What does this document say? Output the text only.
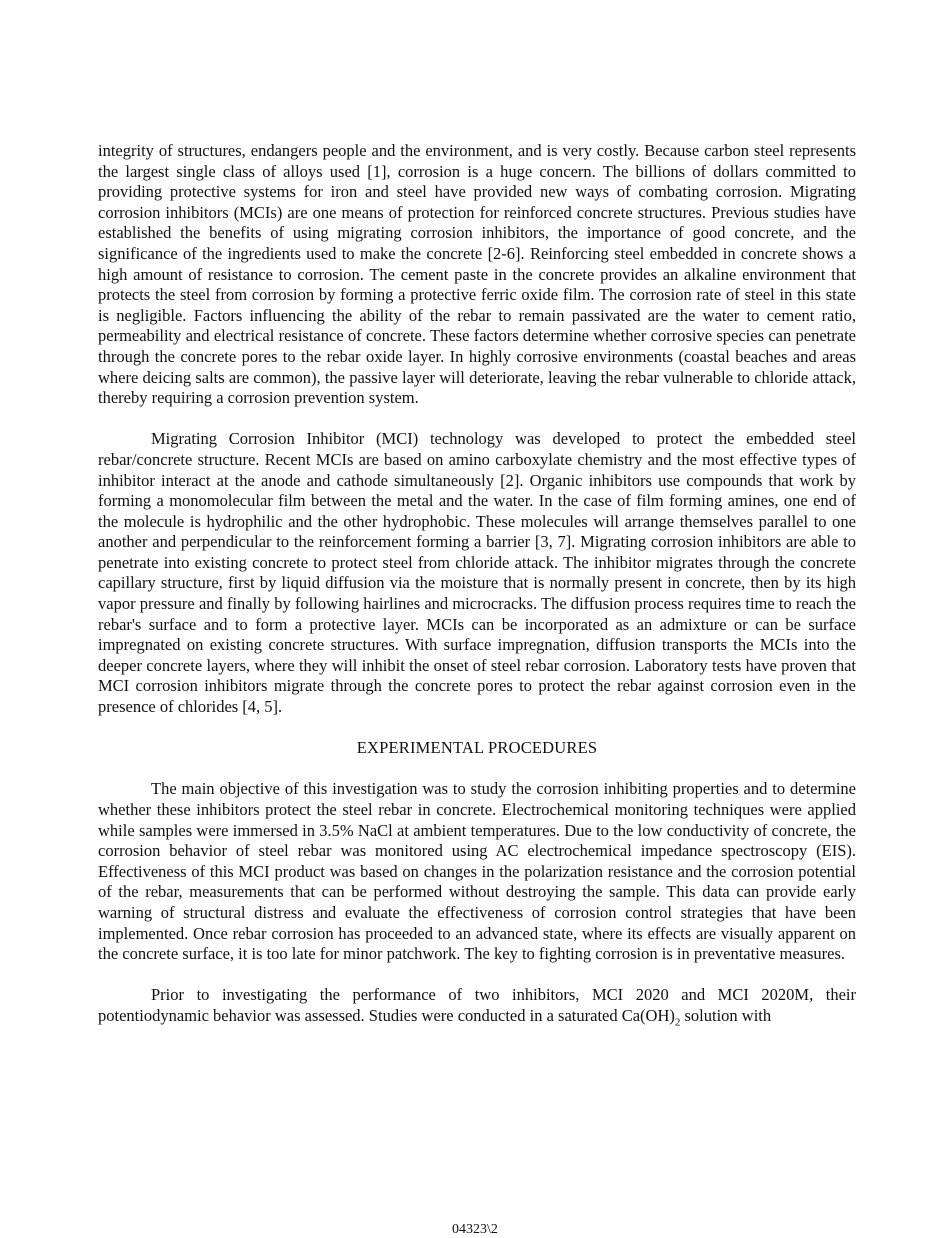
integrity of structures, endangers people and the environment, and is very costly. Because carbon steel represents the largest single class of alloys used [1], corrosion is a huge concern. The billions of dollars committed to providing protective systems for iron and steel have provided new ways of combating corrosion. Migrating corrosion inhibitors (MCIs) are one means of protection for reinforced concrete structures. Previous studies have established the benefits of using migrating corrosion inhibitors, the importance of good concrete, and the significance of the ingredients used to make the concrete [2-6]. Reinforcing steel embedded in concrete shows a high amount of resistance to corrosion. The cement paste in the concrete provides an alkaline environment that protects the steel from corrosion by forming a protective ferric oxide film. The corrosion rate of steel in this state is negligible. Factors influencing the ability of the rebar to remain passivated are the water to cement ratio, permeability and electrical resistance of concrete. These factors determine whether corrosive species can penetrate through the concrete pores to the rebar oxide layer. In highly corrosive environments (coastal beaches and areas where deicing salts are common), the passive layer will deteriorate, leaving the rebar vulnerable to chloride attack, thereby requiring a corrosion prevention system.

Migrating Corrosion Inhibitor (MCI) technology was developed to protect the embedded steel rebar/concrete structure. Recent MCIs are based on amino carboxylate chemistry and the most effective types of inhibitor interact at the anode and cathode simultaneously [2]. Organic inhibitors use compounds that work by forming a monomolecular film between the metal and the water. In the case of film forming amines, one end of the molecule is hydrophilic and the other hydrophobic. These molecules will arrange themselves parallel to one another and perpendicular to the reinforcement forming a barrier [3, 7]. Migrating corrosion inhibitors are able to penetrate into existing concrete to protect steel from chloride attack. The inhibitor migrates through the concrete capillary structure, first by liquid diffusion via the moisture that is normally present in concrete, then by its high vapor pressure and finally by following hairlines and microcracks. The diffusion process requires time to reach the rebar's surface and to form a protective layer. MCIs can be incorporated as an admixture or can be surface impregnated on existing concrete structures. With surface impregnation, diffusion transports the MCIs into the deeper concrete layers, where they will inhibit the onset of steel rebar corrosion. Laboratory tests have proven that MCI corrosion inhibitors migrate through the concrete pores to protect the rebar against corrosion even in the presence of chlorides [4, 5].

EXPERIMENTAL PROCEDURES

The main objective of this investigation was to study the corrosion inhibiting properties and to determine whether these inhibitors protect the steel rebar in concrete. Electrochemical monitoring techniques were applied while samples were immersed in 3.5% NaCl at ambient temperatures. Due to the low conductivity of concrete, the corrosion behavior of steel rebar was monitored using AC electrochemical impedance spectroscopy (EIS). Effectiveness of this MCI product was based on changes in the polarization resistance and the corrosion potential of the rebar, measurements that can be performed without destroying the sample. This data can provide early warning of structural distress and evaluate the effectiveness of corrosion control strategies that have been implemented. Once rebar corrosion has proceeded to an advanced state, where its effects are visually apparent on the concrete surface, it is too late for minor patchwork. The key to fighting corrosion is in preventative measures.

Prior to investigating the performance of two inhibitors, MCI 2020 and MCI 2020M, their potentiodynamic behavior was assessed. Studies were conducted in a saturated $Ca(OH)_2$ solution with

04323\2
